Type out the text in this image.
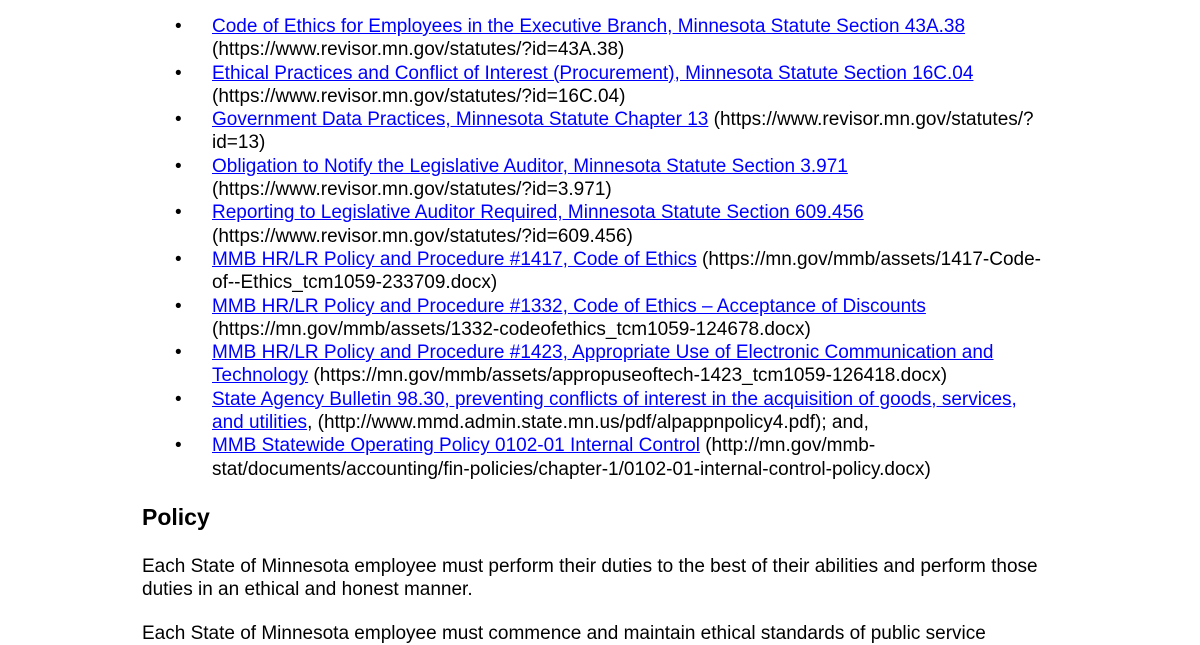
• Code of Ethics for Employees in the Executive Branch, Minnesota Statute Section 43A.38 (https://www.revisor.mn.gov/statutes/?id=43A.38)
• Ethical Practices and Conflict of Interest (Procurement), Minnesota Statute Section 16C.04 (https://www.revisor.mn.gov/statutes/?id=16C.04)
• Government Data Practices, Minnesota Statute Chapter 13 (https://www.revisor.mn.gov/statutes/?id=13)
• Obligation to Notify the Legislative Auditor, Minnesota Statute Section 3.971 (https://www.revisor.mn.gov/statutes/?id=3.971)
• Reporting to Legislative Auditor Required, Minnesota Statute Section 609.456 (https://www.revisor.mn.gov/statutes/?id=609.456)
• MMB HR/LR Policy and Procedure #1417, Code of Ethics (https://mn.gov/mmb/assets/1417-Code-of--Ethics_tcm1059-233709.docx)
• MMB HR/LR Policy and Procedure #1332, Code of Ethics – Acceptance of Discounts (https://mn.gov/mmb/assets/1332-codeofethics_tcm1059-124678.docx)
• MMB HR/LR Policy and Procedure #1423, Appropriate Use of Electronic Communication and Technology (https://mn.gov/mmb/assets/appropuseoftech-1423_tcm1059-126418.docx)
• State Agency Bulletin 98.30, preventing conflicts of interest in the acquisition of goods, services, and utilities, (http://www.mmd.admin.state.mn.us/pdf/alpappnpolicy4.pdf); and,
• MMB Statewide Operating Policy 0102-01 Internal Control (http://mn.gov/mmb-stat/documents/accounting/fin-policies/chapter-1/0102-01-internal-control-policy.docx)
Policy

Each State of Minnesota employee must perform their duties to the best of their abilities and perform those duties in an ethical and honest manner.

Each State of Minnesota employee must commence and maintain ethical standards of public service
